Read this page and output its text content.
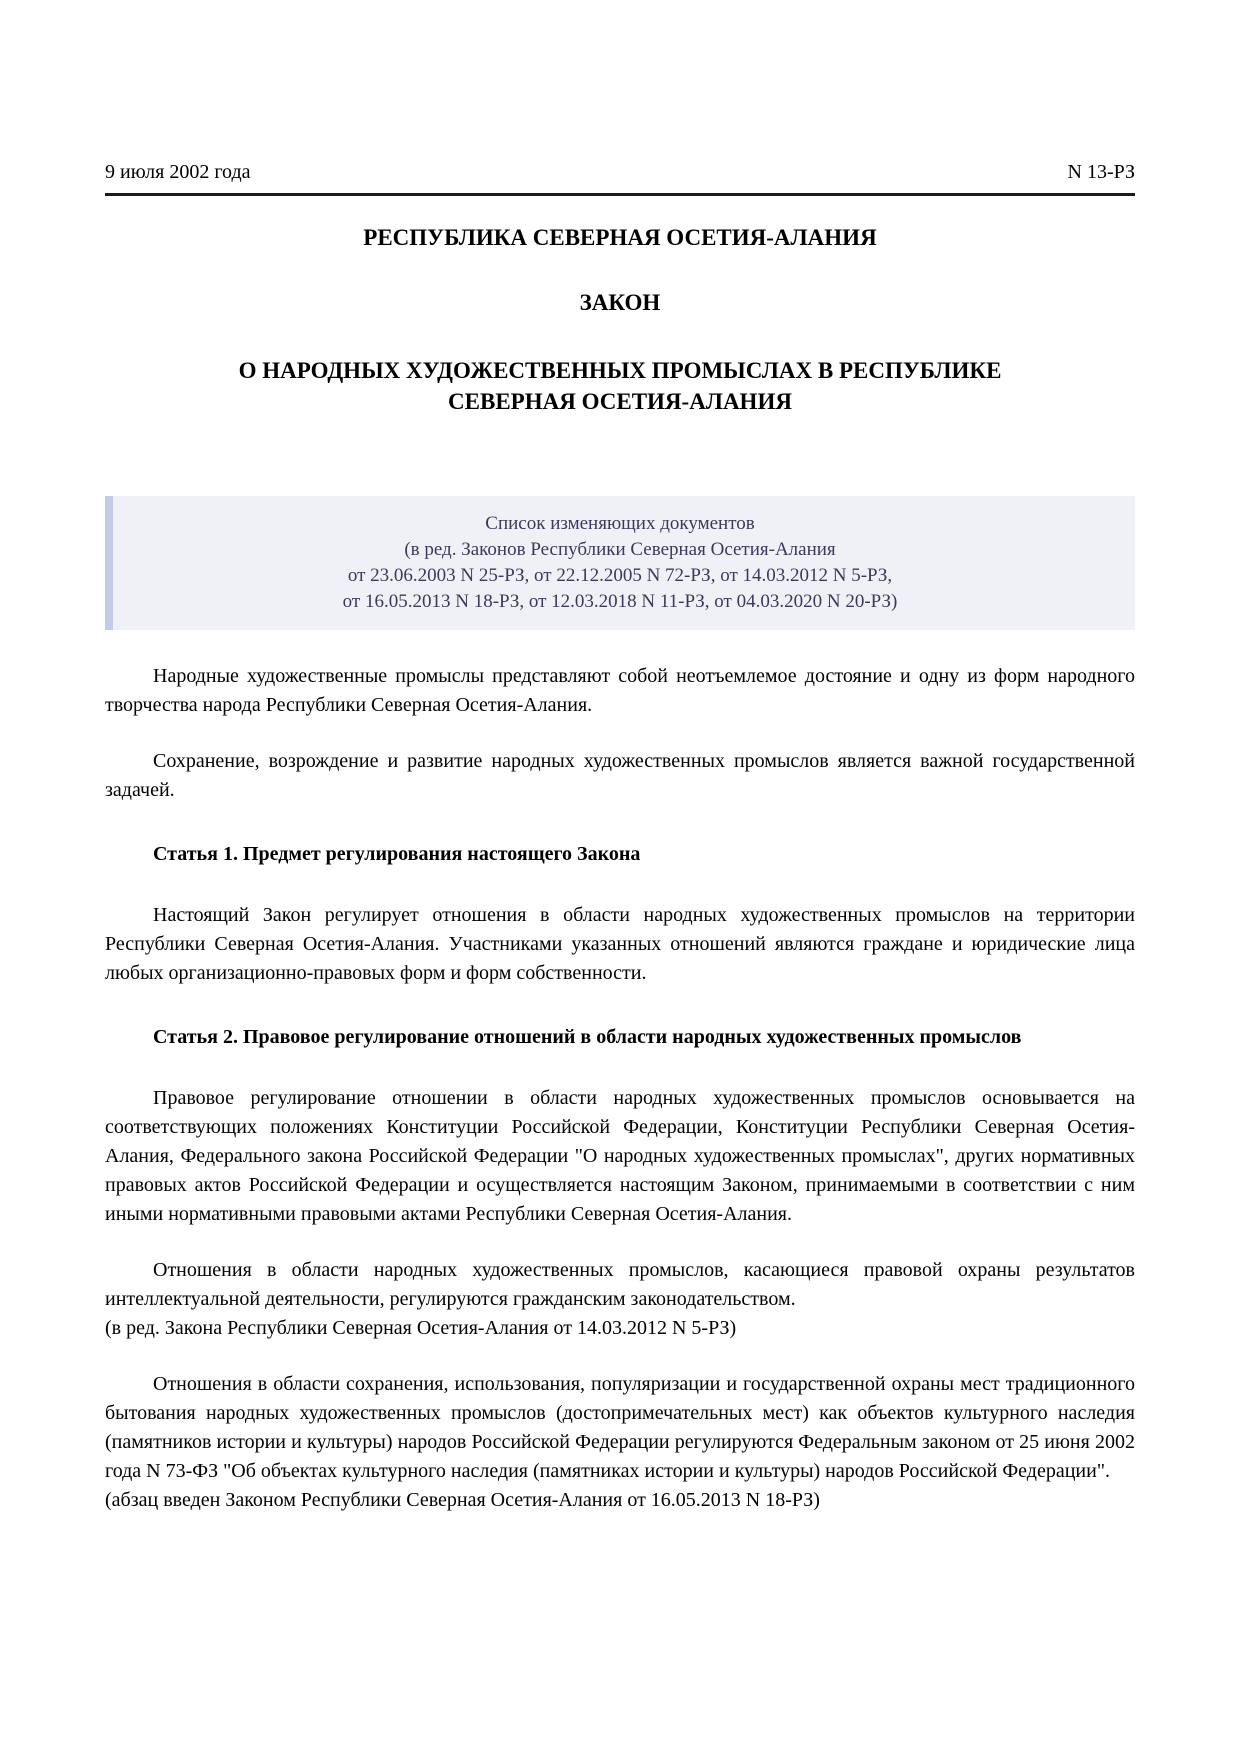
9 июля 2002 года	N 13-РЗ
РЕСПУБЛИКА СЕВЕРНАЯ ОСЕТИЯ-АЛАНИЯ
ЗАКОН
О НАРОДНЫХ ХУДОЖЕСТВЕННЫХ ПРОМЫСЛАХ В РЕСПУБЛИКЕ
СЕВЕРНАЯ ОСЕТИЯ-АЛАНИЯ
Список изменяющих документов
(в ред. Законов Республики Северная Осетия-Алания
от 23.06.2003 N 25-РЗ, от 22.12.2005 N 72-РЗ, от 14.03.2012 N 5-РЗ,
от 16.05.2013 N 18-РЗ, от 12.03.2018 N 11-РЗ, от 04.03.2020 N 20-РЗ)

Народные художественные промыслы представляют собой неотъемлемое достояние и одну из форм народного творчества народа Республики Северная Осетия-Алания.

Сохранение, возрождение и развитие народных художественных промыслов является важной государственной задачей.

Статья 1. Предмет регулирования настоящего Закона

Настоящий Закон регулирует отношения в области народных художественных промыслов на территории Республики Северная Осетия-Алания. Участниками указанных отношений являются граждане и юридические лица любых организационно-правовых форм и форм собственности.

Статья 2. Правовое регулирование отношений в области народных художественных промыслов

Правовое регулирование отношении в области народных художественных промыслов основывается на соответствующих положениях Конституции Российской Федерации, Конституции Республики Северная Осетия-Алания, Федерального закона Российской Федерации "О народных художественных промыслах", других нормативных правовых актов Российской Федерации и осуществляется настоящим Законом, принимаемыми в соответствии с ним иными нормативными правовыми актами Республики Северная Осетия-Алания.

Отношения в области народных художественных промыслов, касающиеся правовой охраны результатов интеллектуальной деятельности, регулируются гражданским законодательством.
(в ред. Закона Республики Северная Осетия-Алания от 14.03.2012 N 5-РЗ)

Отношения в области сохранения, использования, популяризации и государственной охраны мест традиционного бытования народных художественных промыслов (достопримечательных мест) как объектов культурного наследия (памятников истории и культуры) народов Российской Федерации регулируются Федеральным законом от 25 июня 2002 года N 73-ФЗ "Об объектах культурного наследия (памятниках истории и культуры) народов Российской Федерации".
(абзац введен Законом Республики Северная Осетия-Алания от 16.05.2013 N 18-РЗ)
